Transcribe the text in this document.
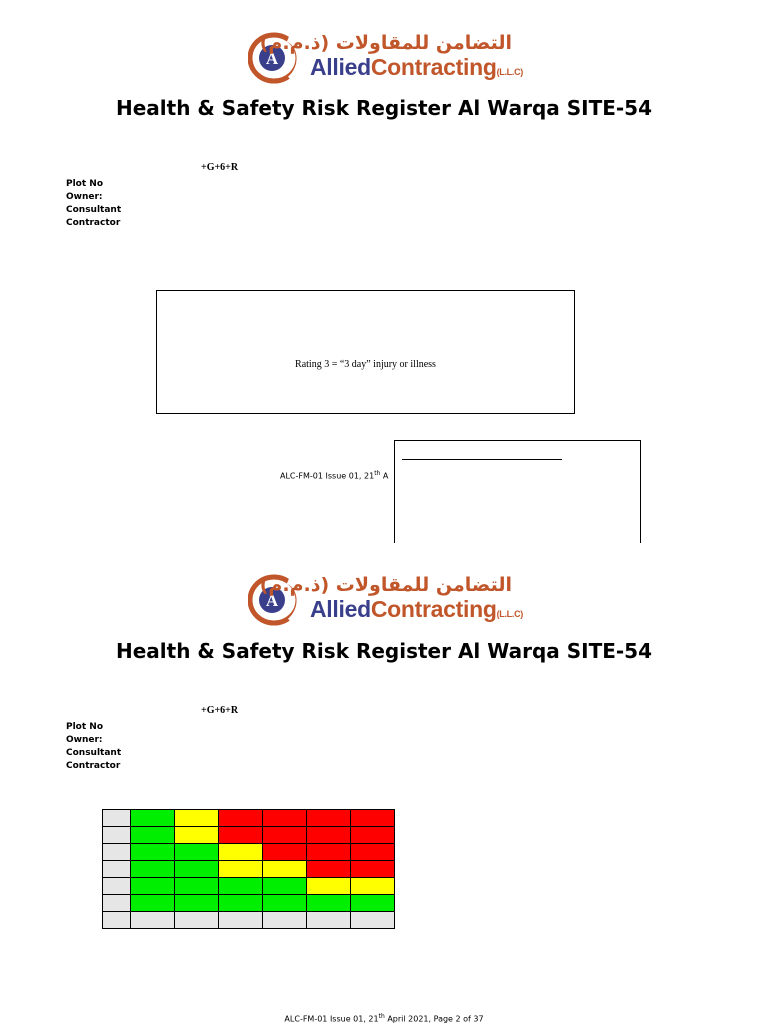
A
التضامن للمقاولات (ذ.م.م)
AlliedContracting(L.L.C)
Health & Safety Risk Register Al Warqa SITE-54
+G+6+R
Plot No
Owner:
Consultant
Contractor
Rating 3 = “3 day” injury or illness
ALC-FM-01 Issue 01, 21th A
A
التضامن للمقاولات (ذ.م.م)
AlliedContracting(L.L.C)
Health & Safety Risk Register Al Warqa SITE-54
+G+6+R
Plot No
Owner:
Consultant
Contractor

ALC-FM-01 Issue 01, 21th April 2021, Page 2 of 37
